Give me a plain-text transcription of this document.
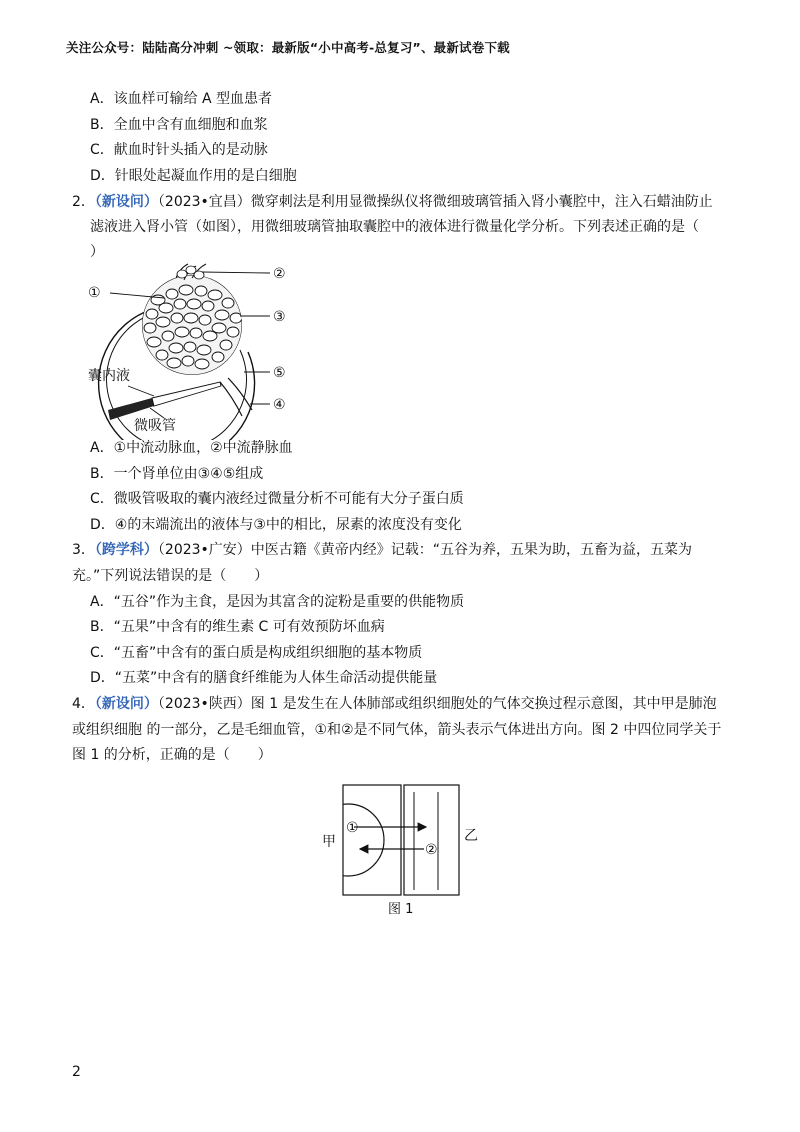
关注公众号：陆陆高分冲刺 ~领取：最新版“小中高考-总复习”、最新试卷下载
A．该血样可输给 A 型血患者
B．全血中含有血细胞和血浆
C．献血时针头插入的是动脉
D．针眼处起凝血作用的是白细胞
2．（新设问）（2023•宜昌）微穿刺法是利用显微操纵仪将微细玻璃管插入肾小囊腔中，注入石蜡油防止
滤液进入肾小管（如图），用微细玻璃管抽取囊腔中的液体进行微量化学分析。下列表述正确的是（
）
①
②
③
⑤
④
囊内液
微吸管
A．①中流动脉血，②中流静脉血
B．一个肾单位由③④⑤组成
C．微吸管吸取的囊内液经过微量分析不可能有大分子蛋白质
D．④的末端流出的液体与③中的相比，尿素的浓度没有变化
3．（跨学科）（2023•广安）中医古籍《黄帝内经》记载：“五谷为养，五果为助，五畜为益，五菜为
充。”下列说法错误的是（　　）
A．“五谷”作为主食，是因为其富含的淀粉是重要的供能物质
B．“五果”中含有的维生素 C 可有效预防坏血病
C．“五畜”中含有的蛋白质是构成组织细胞的基本物质
D．“五菜”中含有的膳食纤维能为人体生命活动提供能量
4．（新设问）（2023•陕西）图 1 是发生在人体肺部或组织细胞处的气体交换过程示意图，其中甲是肺泡
或组织细胞 的一部分，乙是毛细血管，①和②是不同气体，箭头表示气体进出方向。图 2 中四位同学关于
图 1 的分析，正确的是（　　）
①
②
甲	乙
图 1
2
